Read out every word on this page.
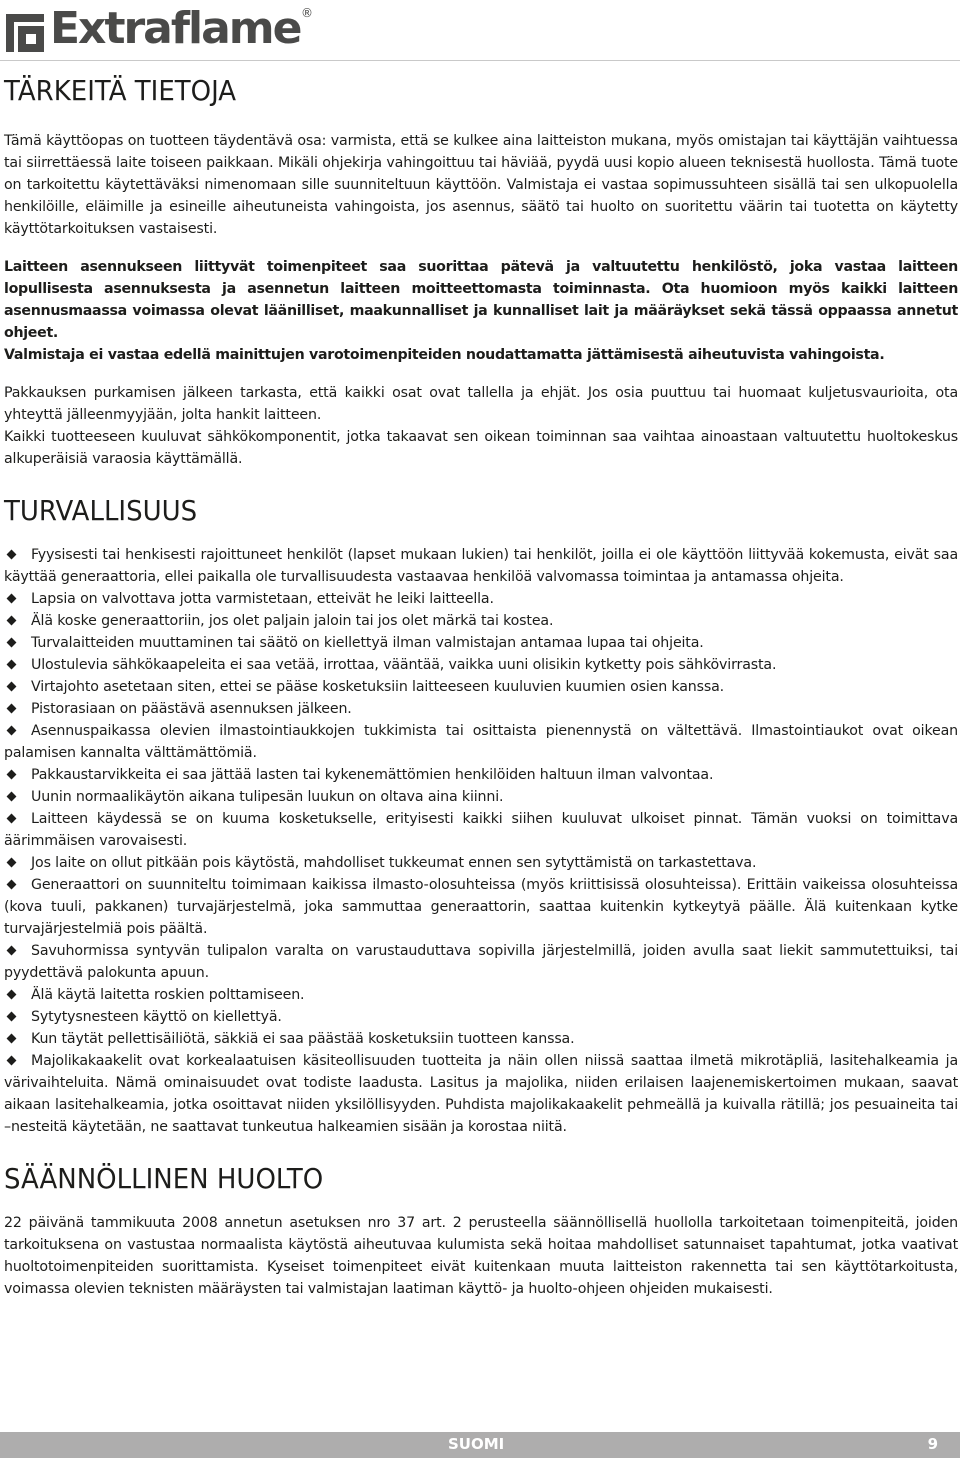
Extraflame ®
TÄRKEITÄ TIETOJA

Tämä käyttöopas on tuotteen täydentävä osa: varmista, että se kulkee aina laitteiston mukana, myös omistajan tai käyttäjän vaihtuessa tai siirrettäessä laite toiseen paikkaan. Mikäli ohjekirja vahingoittuu tai häviää, pyydä uusi kopio alueen teknisestä huollosta. Tämä tuote on tarkoitettu käytettäväksi nimenomaan sille suunniteltuun käyttöön. Valmistaja ei vastaa sopimussuhteen sisällä tai sen ulkopuolella henkilöille, eläimille ja esineille aiheutuneista vahingoista, jos asennus, säätö tai huolto on suoritettu väärin tai tuotetta on käytetty käyttötarkoituksen vastaisesti.

Laitteen asennukseen liittyvät toimenpiteet saa suorittaa pätevä ja valtuutettu henkilöstö, joka vastaa laitteen lopullisesta asennuksesta ja asennetun laitteen moitteettomasta toiminnasta. Ota huomioon myös kaikki laitteen asennusmaassa voimassa olevat läänilliset, maakunnalliset ja kunnalliset lait ja määräykset sekä tässä oppaassa annetut ohjeet.

Valmistaja ei vastaa edellä mainittujen varotoimenpiteiden noudattamatta jättämisestä aiheutuvista vahingoista.

Pakkauksen purkamisen jälkeen tarkasta, että kaikki osat ovat tallella ja ehjät. Jos osia puuttuu tai huomaat kuljetusvaurioita, ota yhteyttä jälleenmyyjään, jolta hankit laitteen.

Kaikki tuotteeseen kuuluvat sähkökomponentit, jotka takaavat sen oikean toiminnan saa vaihtaa ainoastaan valtuutettu huoltokeskus alkuperäisiä varaosia käyttämällä.

TURVALLISUUS
Fyysisesti tai henkisesti rajoittuneet henkilöt (lapset mukaan lukien) tai henkilöt, joilla ei ole käyttöön liittyvää kokemusta, eivät saa käyttää generaattoria, ellei paikalla ole turvallisuudesta vastaavaa henkilöä valvomassa toimintaa ja antamassa ohjeita.
Lapsia on valvottava jotta varmistetaan, etteivät he leiki laitteella.
Älä koske generaattoriin, jos olet paljain jaloin tai jos olet märkä tai kostea.
Turvalaitteiden muuttaminen tai säätö on kiellettyä ilman valmistajan antamaa lupaa tai ohjeita.
Ulostulevia sähkökaapeleita ei saa vetää, irrottaa, vääntää, vaikka uuni olisikin kytketty pois sähkövirrasta.
Virtajohto asetetaan siten, ettei se pääse kosketuksiin laitteeseen kuuluvien kuumien osien kanssa.
Pistorasiaan on päästävä asennuksen jälkeen.
Asennuspaikassa olevien ilmastointiaukkojen tukkimista tai osittaista pienennystä on vältettävä. Ilmastointiaukot ovat oikean palamisen kannalta välttämättömiä.
Pakkaustarvikkeita ei saa jättää lasten tai kykenemättömien henkilöiden haltuun ilman valvontaa.
Uunin normaalikäytön aikana tulipesän luukun on oltava aina kiinni.
Laitteen käydessä se on kuuma kosketukselle, erityisesti kaikki siihen kuuluvat ulkoiset pinnat. Tämän vuoksi on toimittava äärimmäisen varovaisesti.
Jos laite on ollut pitkään pois käytöstä, mahdolliset tukkeumat ennen sen sytyttämistä on tarkastettava.
Generaattori on suunniteltu toimimaan kaikissa ilmasto-olosuhteissa (myös kriittisissä olosuhteissa). Erittäin vaikeissa olosuhteissa (kova tuuli, pakkanen) turvajärjestelmä, joka sammuttaa generaattorin, saattaa kuitenkin kytkeytyä päälle. Älä kuitenkaan kytke turvajärjestelmiä pois päältä.
Savuhormissa syntyvän tulipalon varalta on varustauduttava sopivilla järjestelmillä, joiden avulla saat liekit sammutettuiksi, tai pyydettävä palokunta apuun.
Älä käytä laitetta roskien polttamiseen.
Sytytysnesteen käyttö on kiellettyä.
Kun täytät pellettisäiliötä, säkkiä ei saa päästää kosketuksiin tuotteen kanssa.
Majolikakaakelit ovat korkealaatuisen käsiteollisuuden tuotteita ja näin ollen niissä saattaa ilmetä mikrotäpliä, lasitehalkeamia ja värivaihteluita. Nämä ominaisuudet ovat todiste laadusta. Lasitus ja majolika, niiden erilaisen laajenemiskertoimen mukaan, saavat aikaan lasitehalkeamia, jotka osoittavat niiden yksilöllisyyden. Puhdista majolikakaakelit pehmeällä ja kuivalla rätillä; jos pesuaineita tai –nesteitä käytetään, ne saattavat tunkeutua halkeamien sisään ja korostaa niitä.
SÄÄNNÖLLINEN HUOLTO

22 päivänä tammikuuta 2008 annetun asetuksen nro 37 art. 2 perusteella säännöllisellä huollolla tarkoitetaan toimenpiteitä, joiden tarkoituksena on vastustaa normaalista käytöstä aiheutuvaa kulumista sekä hoitaa mahdolliset satunnaiset tapahtumat, jotka vaativat huoltotoimenpiteiden suorittamista. Kyseiset toimenpiteet eivät kuitenkaan muuta laitteiston rakennetta tai sen käyttötarkoitusta, voimassa olevien teknisten määräysten tai valmistajan laatiman käyttö- ja huolto-ohjeen ohjeiden mukaisesti.

SUOMI	9
